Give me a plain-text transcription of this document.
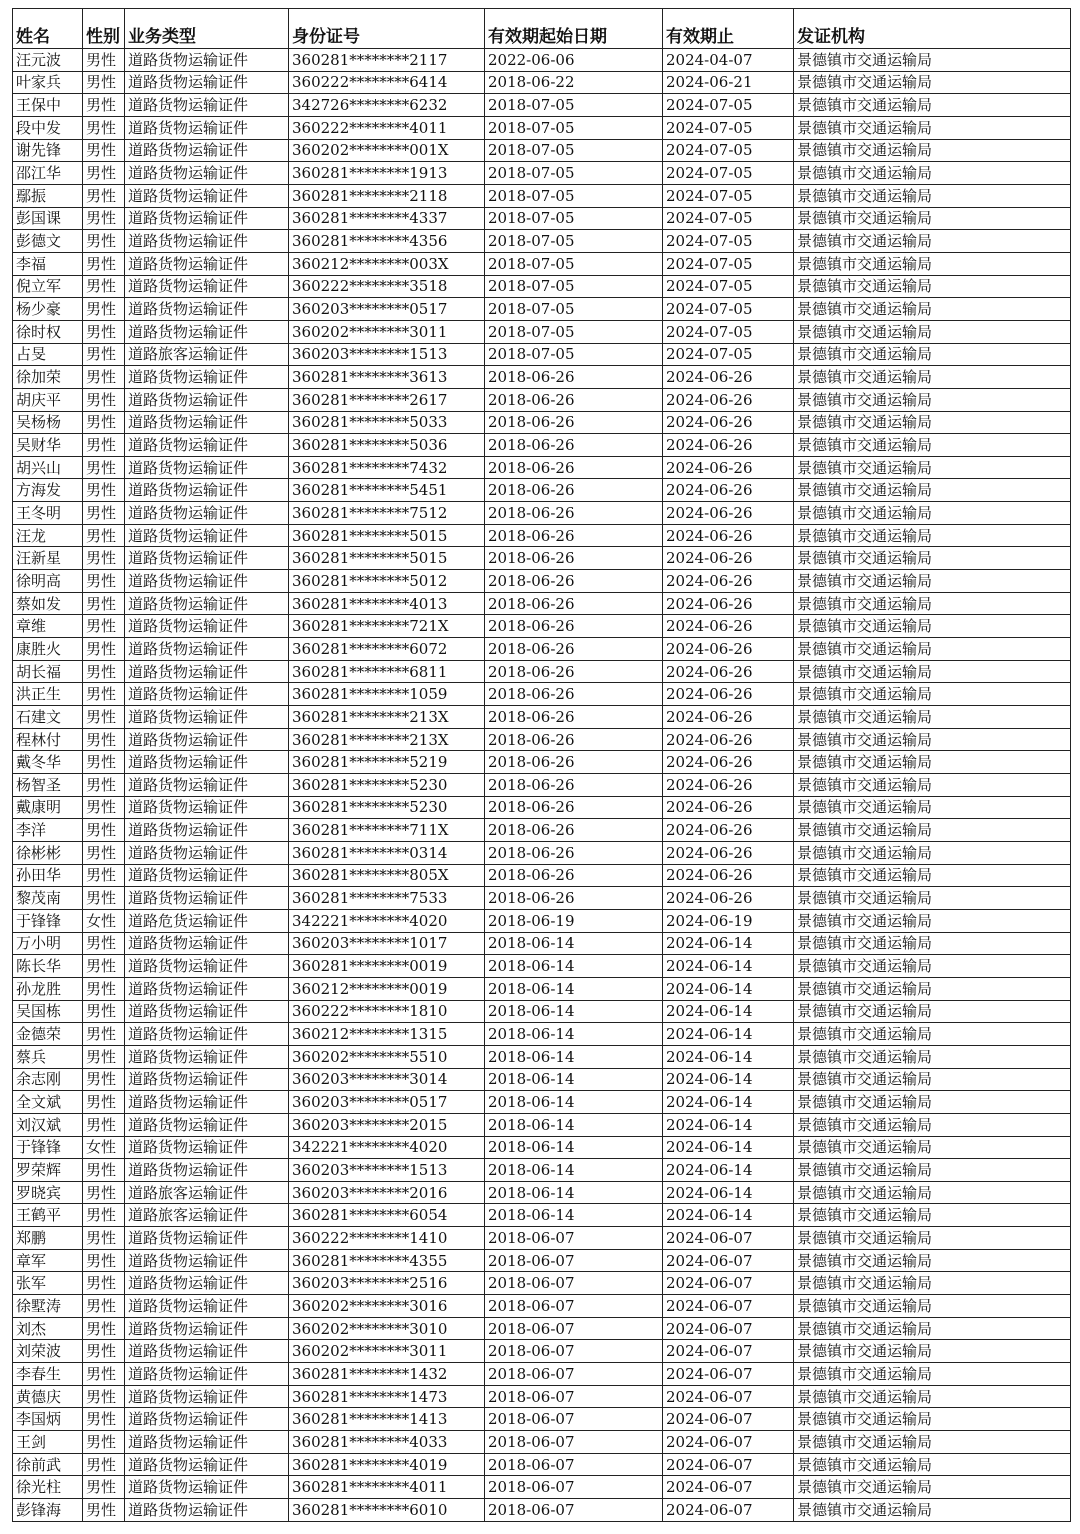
姓名	性别	业务类型	身份证号	有效期起始日期	有效期止	发证机构
汪元波	男性	道路货物运输证件	360281********2117	2022-06-06	2024-04-07	景德镇市交通运输局
叶家兵	男性	道路货物运输证件	360222********6414	2018-06-22	2024-06-21	景德镇市交通运输局
王保中	男性	道路货物运输证件	342726********6232	2018-07-05	2024-07-05	景德镇市交通运输局
段中发	男性	道路货物运输证件	360222********4011	2018-07-05	2024-07-05	景德镇市交通运输局
谢先锋	男性	道路货物运输证件	360202********001X	2018-07-05	2024-07-05	景德镇市交通运输局
邵江华	男性	道路货物运输证件	360281********1913	2018-07-05	2024-07-05	景德镇市交通运输局
鄢振	男性	道路货物运输证件	360281********2118	2018-07-05	2024-07-05	景德镇市交通运输局
彭国课	男性	道路货物运输证件	360281********4337	2018-07-05	2024-07-05	景德镇市交通运输局
彭德文	男性	道路货物运输证件	360281********4356	2018-07-05	2024-07-05	景德镇市交通运输局
李福	男性	道路货物运输证件	360212********003X	2018-07-05	2024-07-05	景德镇市交通运输局
倪立军	男性	道路货物运输证件	360222********3518	2018-07-05	2024-07-05	景德镇市交通运输局
杨少豪	男性	道路货物运输证件	360203********0517	2018-07-05	2024-07-05	景德镇市交通运输局
徐时权	男性	道路货物运输证件	360202********3011	2018-07-05	2024-07-05	景德镇市交通运输局
占旻	男性	道路旅客运输证件	360203********1513	2018-07-05	2024-07-05	景德镇市交通运输局
徐加荣	男性	道路货物运输证件	360281********3613	2018-06-26	2024-06-26	景德镇市交通运输局
胡庆平	男性	道路货物运输证件	360281********2617	2018-06-26	2024-06-26	景德镇市交通运输局
吴杨杨	男性	道路货物运输证件	360281********5033	2018-06-26	2024-06-26	景德镇市交通运输局
吴财华	男性	道路货物运输证件	360281********5036	2018-06-26	2024-06-26	景德镇市交通运输局
胡兴山	男性	道路货物运输证件	360281********7432	2018-06-26	2024-06-26	景德镇市交通运输局
方海发	男性	道路货物运输证件	360281********5451	2018-06-26	2024-06-26	景德镇市交通运输局
王冬明	男性	道路货物运输证件	360281********7512	2018-06-26	2024-06-26	景德镇市交通运输局
汪龙	男性	道路货物运输证件	360281********5015	2018-06-26	2024-06-26	景德镇市交通运输局
汪新星	男性	道路货物运输证件	360281********5015	2018-06-26	2024-06-26	景德镇市交通运输局
徐明高	男性	道路货物运输证件	360281********5012	2018-06-26	2024-06-26	景德镇市交通运输局
蔡如发	男性	道路货物运输证件	360281********4013	2018-06-26	2024-06-26	景德镇市交通运输局
章维	男性	道路货物运输证件	360281********721X	2018-06-26	2024-06-26	景德镇市交通运输局
康胜火	男性	道路货物运输证件	360281********6072	2018-06-26	2024-06-26	景德镇市交通运输局
胡长福	男性	道路货物运输证件	360281********6811	2018-06-26	2024-06-26	景德镇市交通运输局
洪正生	男性	道路货物运输证件	360281********1059	2018-06-26	2024-06-26	景德镇市交通运输局
石建文	男性	道路货物运输证件	360281********213X	2018-06-26	2024-06-26	景德镇市交通运输局
程林付	男性	道路货物运输证件	360281********213X	2018-06-26	2024-06-26	景德镇市交通运输局
戴冬华	男性	道路货物运输证件	360281********5219	2018-06-26	2024-06-26	景德镇市交通运输局
杨智圣	男性	道路货物运输证件	360281********5230	2018-06-26	2024-06-26	景德镇市交通运输局
戴康明	男性	道路货物运输证件	360281********5230	2018-06-26	2024-06-26	景德镇市交通运输局
李洋	男性	道路货物运输证件	360281********711X	2018-06-26	2024-06-26	景德镇市交通运输局
徐彬彬	男性	道路货物运输证件	360281********0314	2018-06-26	2024-06-26	景德镇市交通运输局
孙田华	男性	道路货物运输证件	360281********805X	2018-06-26	2024-06-26	景德镇市交通运输局
黎茂南	男性	道路货物运输证件	360281********7533	2018-06-26	2024-06-26	景德镇市交通运输局
于锋锋	女性	道路危货运输证件	342221********4020	2018-06-19	2024-06-19	景德镇市交通运输局
万小明	男性	道路货物运输证件	360203********1017	2018-06-14	2024-06-14	景德镇市交通运输局
陈长华	男性	道路货物运输证件	360281********0019	2018-06-14	2024-06-14	景德镇市交通运输局
孙龙胜	男性	道路货物运输证件	360212********0019	2018-06-14	2024-06-14	景德镇市交通运输局
吴国栋	男性	道路货物运输证件	360222********1810	2018-06-14	2024-06-14	景德镇市交通运输局
金德荣	男性	道路货物运输证件	360212********1315	2018-06-14	2024-06-14	景德镇市交通运输局
蔡兵	男性	道路货物运输证件	360202********5510	2018-06-14	2024-06-14	景德镇市交通运输局
余志刚	男性	道路货物运输证件	360203********3014	2018-06-14	2024-06-14	景德镇市交通运输局
全文斌	男性	道路货物运输证件	360203********0517	2018-06-14	2024-06-14	景德镇市交通运输局
刘汉斌	男性	道路货物运输证件	360203********2015	2018-06-14	2024-06-14	景德镇市交通运输局
于锋锋	女性	道路货物运输证件	342221********4020	2018-06-14	2024-06-14	景德镇市交通运输局
罗荣辉	男性	道路货物运输证件	360203********1513	2018-06-14	2024-06-14	景德镇市交通运输局
罗晓宾	男性	道路旅客运输证件	360203********2016	2018-06-14	2024-06-14	景德镇市交通运输局
王鹤平	男性	道路旅客运输证件	360281********6054	2018-06-14	2024-06-14	景德镇市交通运输局
郑鹏	男性	道路货物运输证件	360222********1410	2018-06-07	2024-06-07	景德镇市交通运输局
章军	男性	道路货物运输证件	360281********4355	2018-06-07	2024-06-07	景德镇市交通运输局
张军	男性	道路货物运输证件	360203********2516	2018-06-07	2024-06-07	景德镇市交通运输局
徐墅涛	男性	道路货物运输证件	360202********3016	2018-06-07	2024-06-07	景德镇市交通运输局
刘杰	男性	道路货物运输证件	360202********3010	2018-06-07	2024-06-07	景德镇市交通运输局
刘荣波	男性	道路货物运输证件	360202********3011	2018-06-07	2024-06-07	景德镇市交通运输局
李春生	男性	道路货物运输证件	360281********1432	2018-06-07	2024-06-07	景德镇市交通运输局
黄德庆	男性	道路货物运输证件	360281********1473	2018-06-07	2024-06-07	景德镇市交通运输局
李国炳	男性	道路货物运输证件	360281********1413	2018-06-07	2024-06-07	景德镇市交通运输局
王剑	男性	道路货物运输证件	360281********4033	2018-06-07	2024-06-07	景德镇市交通运输局
徐前武	男性	道路货物运输证件	360281********4019	2018-06-07	2024-06-07	景德镇市交通运输局
徐光柱	男性	道路货物运输证件	360281********4011	2018-06-07	2024-06-07	景德镇市交通运输局
彭锋海	男性	道路货物运输证件	360281********6010	2018-06-07	2024-06-07	景德镇市交通运输局
